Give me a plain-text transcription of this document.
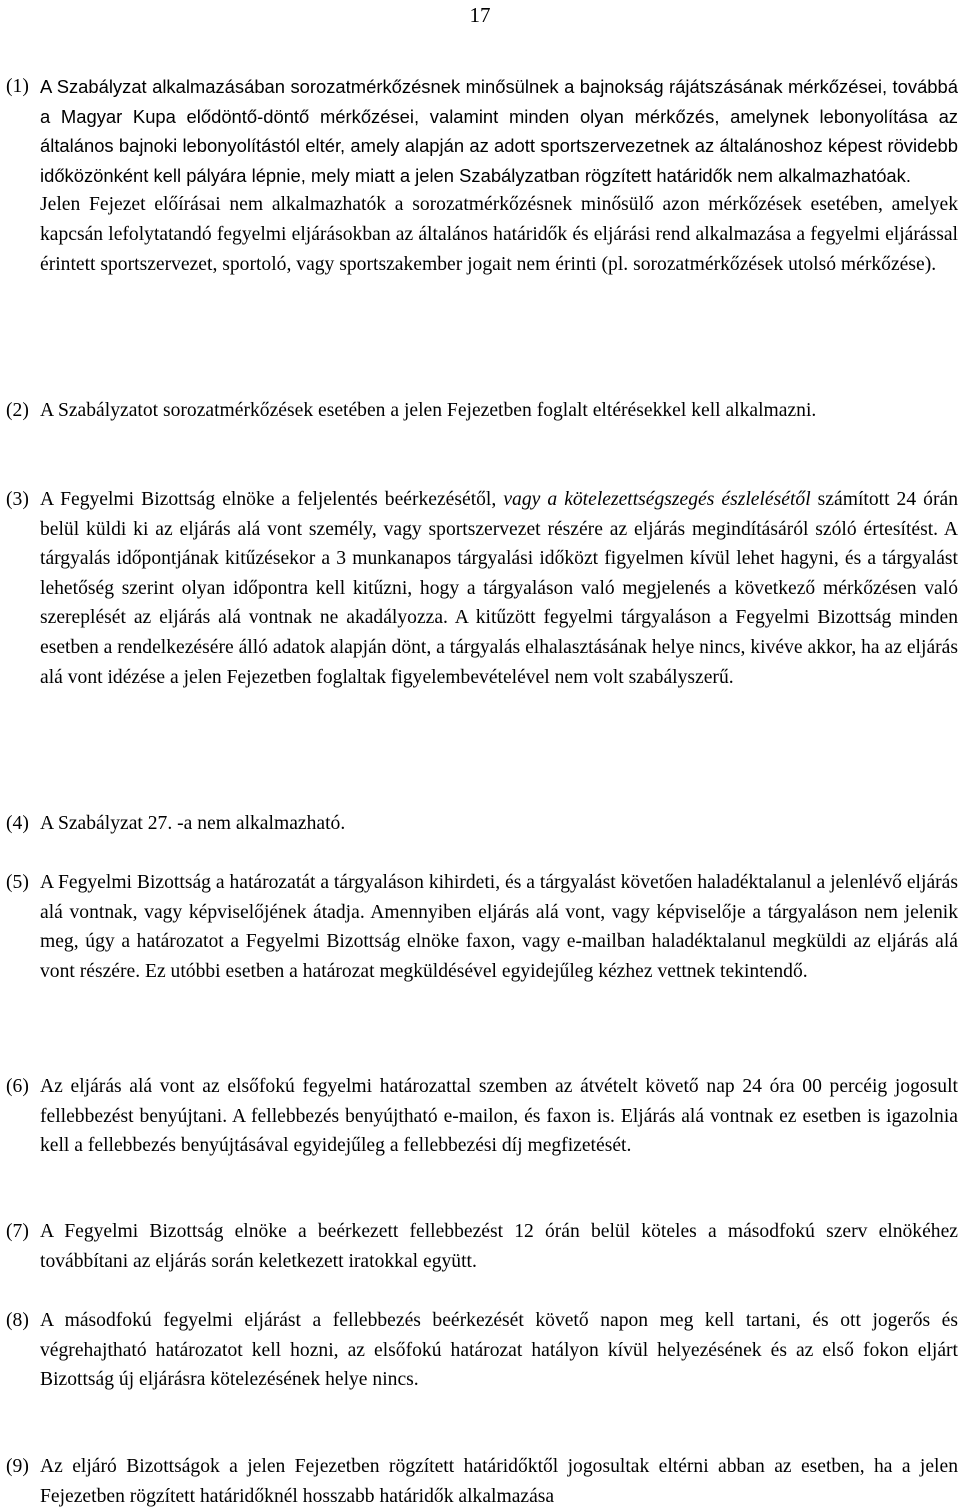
17
(1) A Szabályzat alkalmazásában sorozatmérkőzésnek minősülnek a bajnokság rájátszásának mérkőzései, továbbá a Magyar Kupa elődöntő-döntő mérkőzései, valamint minden olyan mérkőzés, amelynek lebonyolítása az általános bajnoki lebonyolítástól eltér, amely alapján az adott sportszervezetnek az általánoshoz képest rövidebb időközönként kell pályára lépnie, mely miatt a jelen Szabályzatban rögzített határidők nem alkalmazhatóak.
Jelen Fejezet előírásai nem alkalmazhatók a sorozatmérkőzésnek minősülő azon mérkőzések esetében, amelyek kapcsán lefolytatandó fegyelmi eljárásokban az általános határidők és eljárási rend alkalmazása a fegyelmi eljárással érintett sportszervezet, sportoló, vagy sportszakember jogait nem érinti (pl. sorozatmérkőzések utolsó mérkőzése).
(2) A Szabályzatot sorozatmérkőzések esetében a jelen Fejezetben foglalt eltérésekkel kell alkalmazni.
(3) A Fegyelmi Bizottság elnöke a feljelentés beérkezésétől, vagy a kötelezettségszegés észlelésétől számított 24 órán belül küldi ki az eljárás alá vont személy, vagy sportszervezet részére az eljárás megindításáról szóló értesítést. A tárgyalás időpontjának kitűzésekor a 3 munkanapos tárgyalási időközt figyelmen kívül lehet hagyni, és a tárgyalást lehetőség szerint olyan időpontra kell kitűzni, hogy a tárgyaláson való megjelenés a következő mérkőzésen való szereplését az eljárás alá vontnak ne akadályozza. A kitűzött fegyelmi tárgyaláson a Fegyelmi Bizottság minden esetben a rendelkezésére álló adatok alapján dönt, a tárgyalás elhalasztásának helye nincs, kivéve akkor, ha az eljárás alá vont idézése a jelen Fejezetben foglaltak figyelembevételével nem volt szabályszerű.
(4) A Szabályzat 27. -a nem alkalmazható.
(5) A Fegyelmi Bizottság a határozatát a tárgyaláson kihirdeti, és a tárgyalást követően haladéktalanul a jelenlévő eljárás alá vontnak, vagy képviselőjének átadja. Amennyiben eljárás alá vont, vagy képviselője a tárgyaláson nem jelenik meg, úgy a határozatot a Fegyelmi Bizottság elnöke faxon, vagy e-mailban haladéktalanul megküldi az eljárás alá vont részére. Ez utóbbi esetben a határozat megküldésével egyidejűleg kézhez vettnek tekintendő.
(6) Az eljárás alá vont az elsőfokú fegyelmi határozattal szemben az átvételt követő nap 24 óra 00 percéig jogosult fellebbezést benyújtani. A fellebbezés benyújtható e-mailon, és faxon is. Eljárás alá vontnak ez esetben is igazolnia kell a fellebbezés benyújtásával egyidejűleg a fellebbezési díj megfizetését.
(7) A Fegyelmi Bizottság elnöke a beérkezett fellebbezést 12 órán belül köteles a másodfokú szerv elnökéhez továbbítani az eljárás során keletkezett iratokkal együtt.
(8) A másodfokú fegyelmi eljárást a fellebbezés beérkezését követő napon meg kell tartani, és ott jogerős és végrehajtható határozatot kell hozni, az elsőfokú határozat hatályon kívül helyezésének és az első fokon eljárt Bizottság új eljárásra kötelezésének helye nincs.
(9) Az eljáró Bizottságok a jelen Fejezetben rögzített határidőktől jogosultak eltérni abban az esetben, ha a jelen Fejezetben rögzített határidőknél hosszabb határidők alkalmazása
